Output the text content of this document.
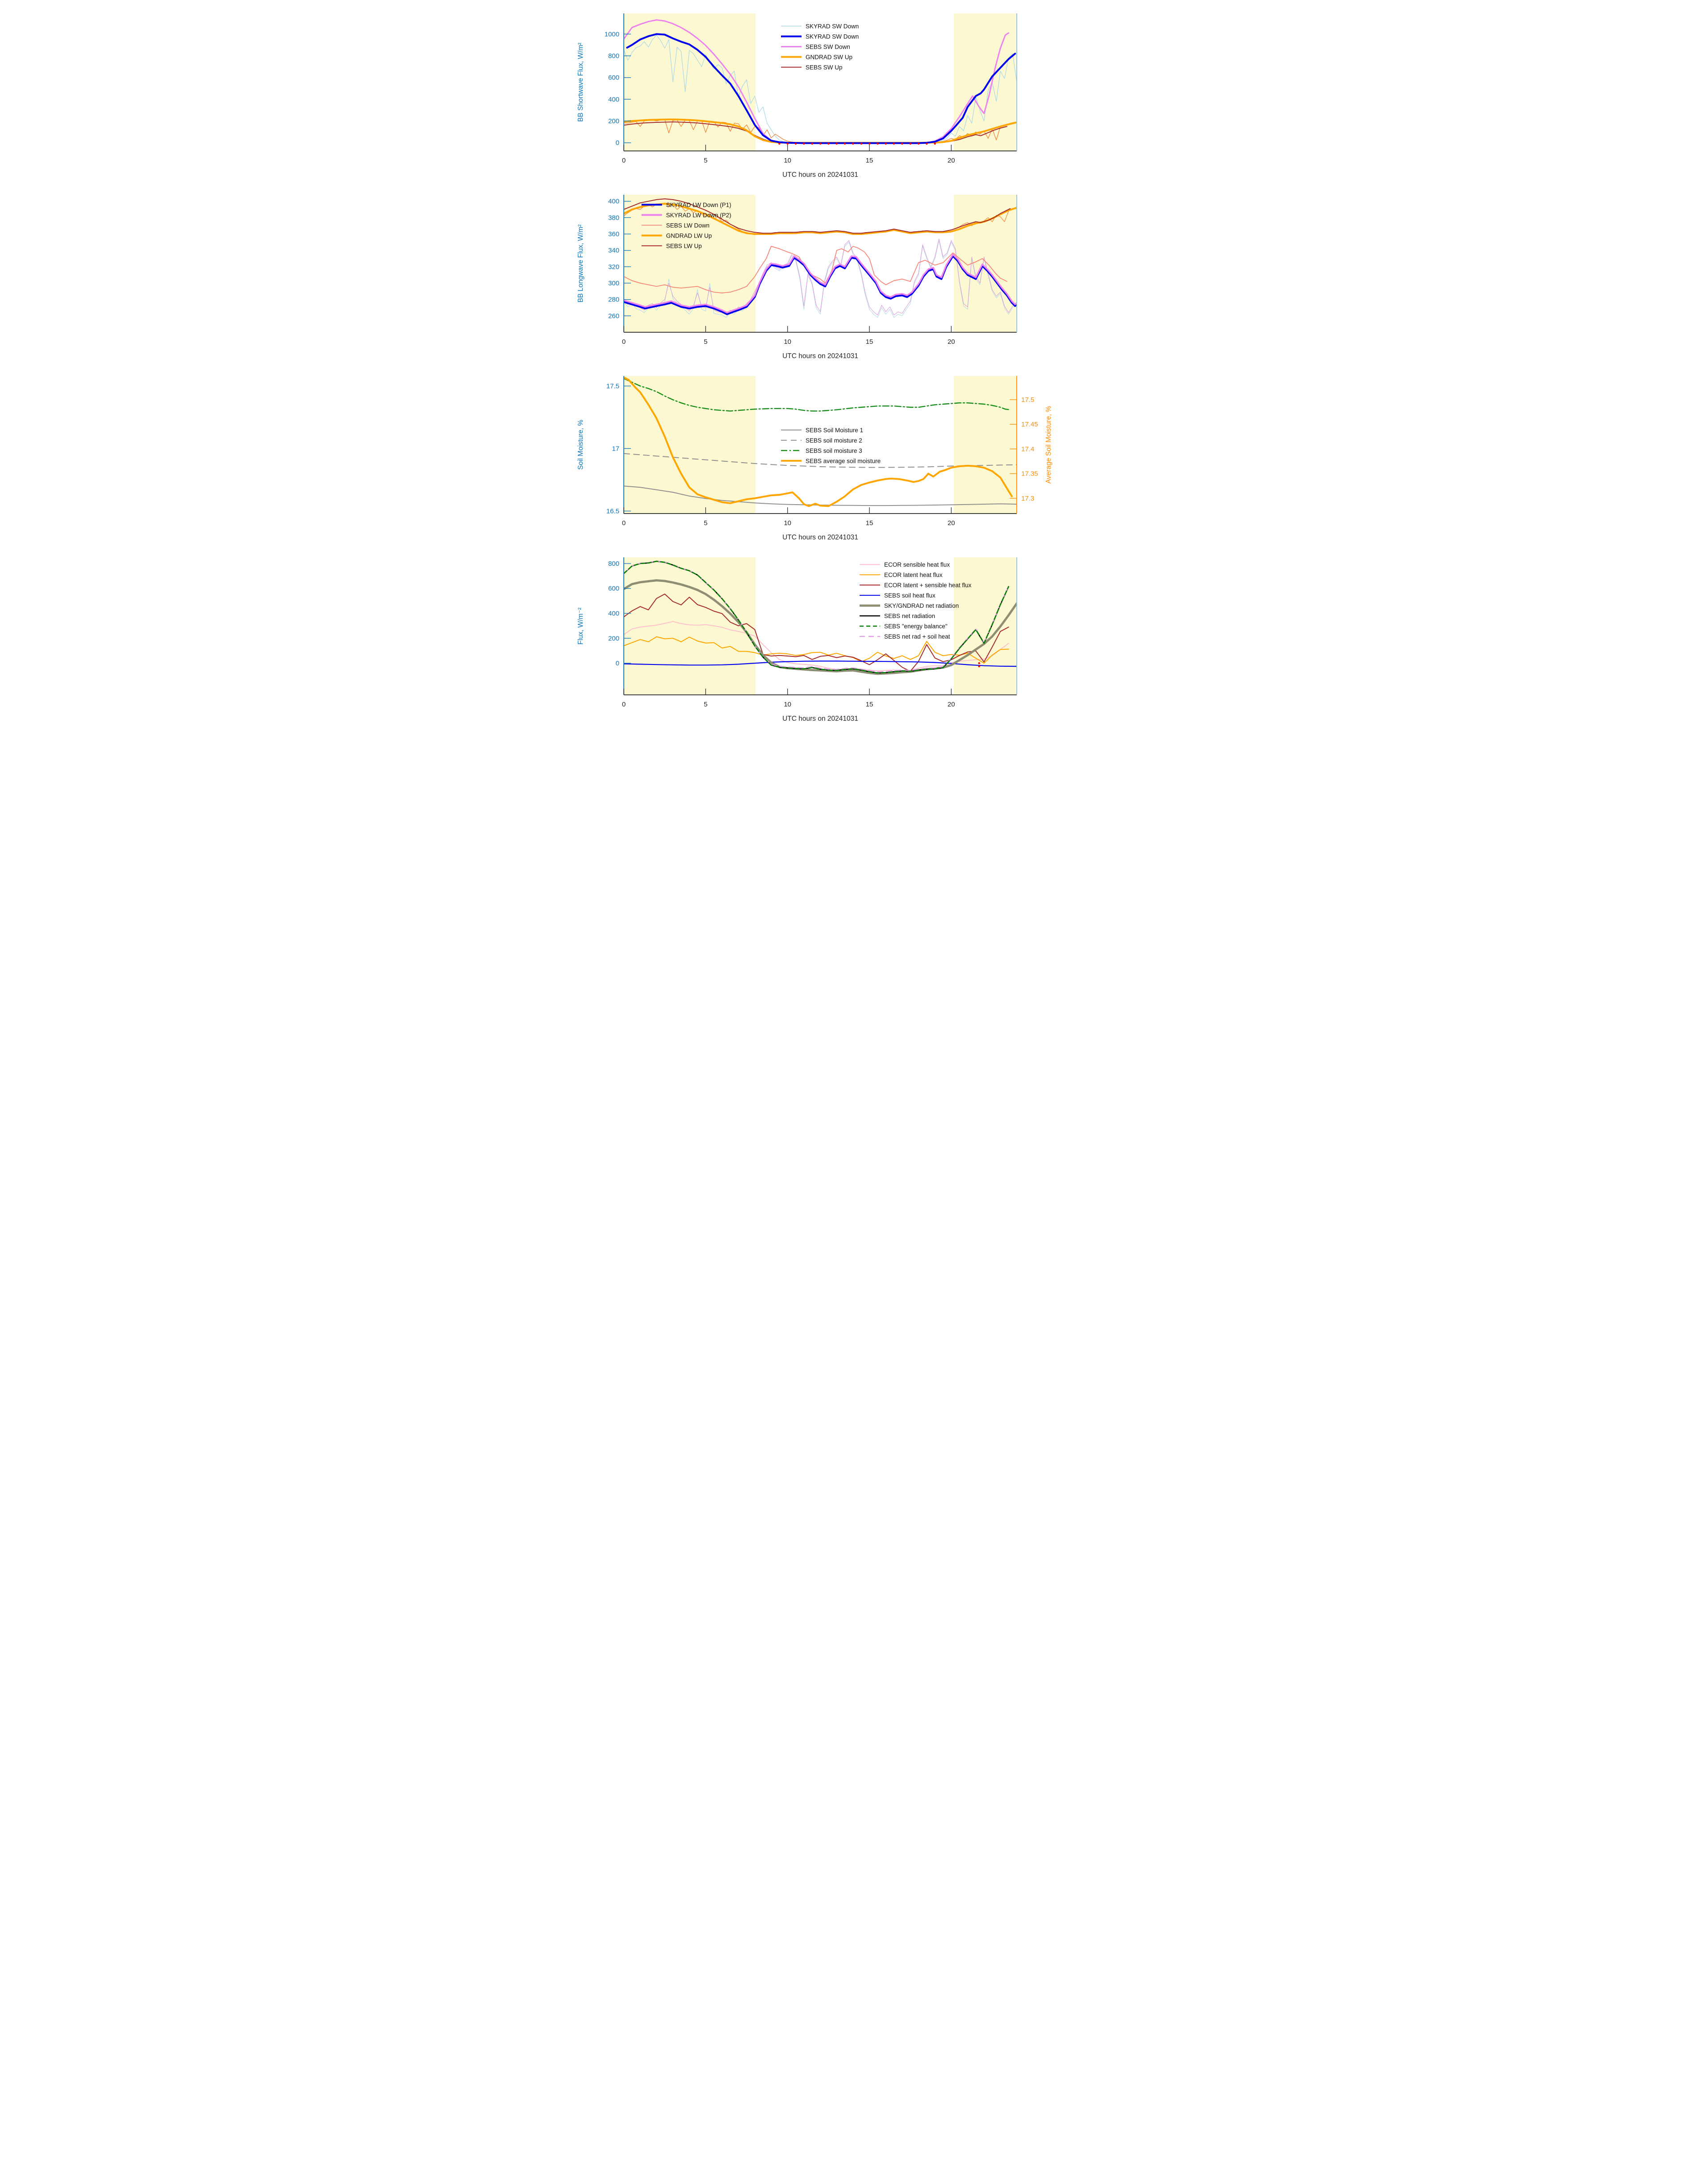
0
200
400
600
800
1000
0	5	10	15	20
SKYRAD SW Down
SKYRAD SW Down
SEBS SW Down
GNDRAD SW Up
SEBS SW Up
BB Shortwave Flux, W/m²
UTC hours on 20241031
260
280
300
320
340
360
380
400
0	5	10	15	20
SKYRAD LW Down (P1)
SKYRAD LW Down (P2)
SEBS LW Down
GNDRAD LW Up
SEBS LW Up
BB Longwave Flux, W/m²
UTC hours on 20241031
16.5
17
17.5
17.3
17.35
17.4
17.45
17.5
0	5	10	15	20
SEBS Soil Moisture 1
SEBS soil moisture 2
SEBS soil moisture 3
SEBS average soil moisture
Soil Moisture, %	Average Soil Moisture, %
UTC hours on 20241031
0
200
400
600
800
0	5	10	15	20
ECOR sensible heat flux
ECOR latent heat flux
ECOR latent + sensible heat flux
SEBS soil heat flux
SKY/GNDRAD net radiation
SEBS net radiation
SEBS "energy balance"
SEBS net rad + soil heat
Flux, W/m⁻²
UTC hours on 20241031
